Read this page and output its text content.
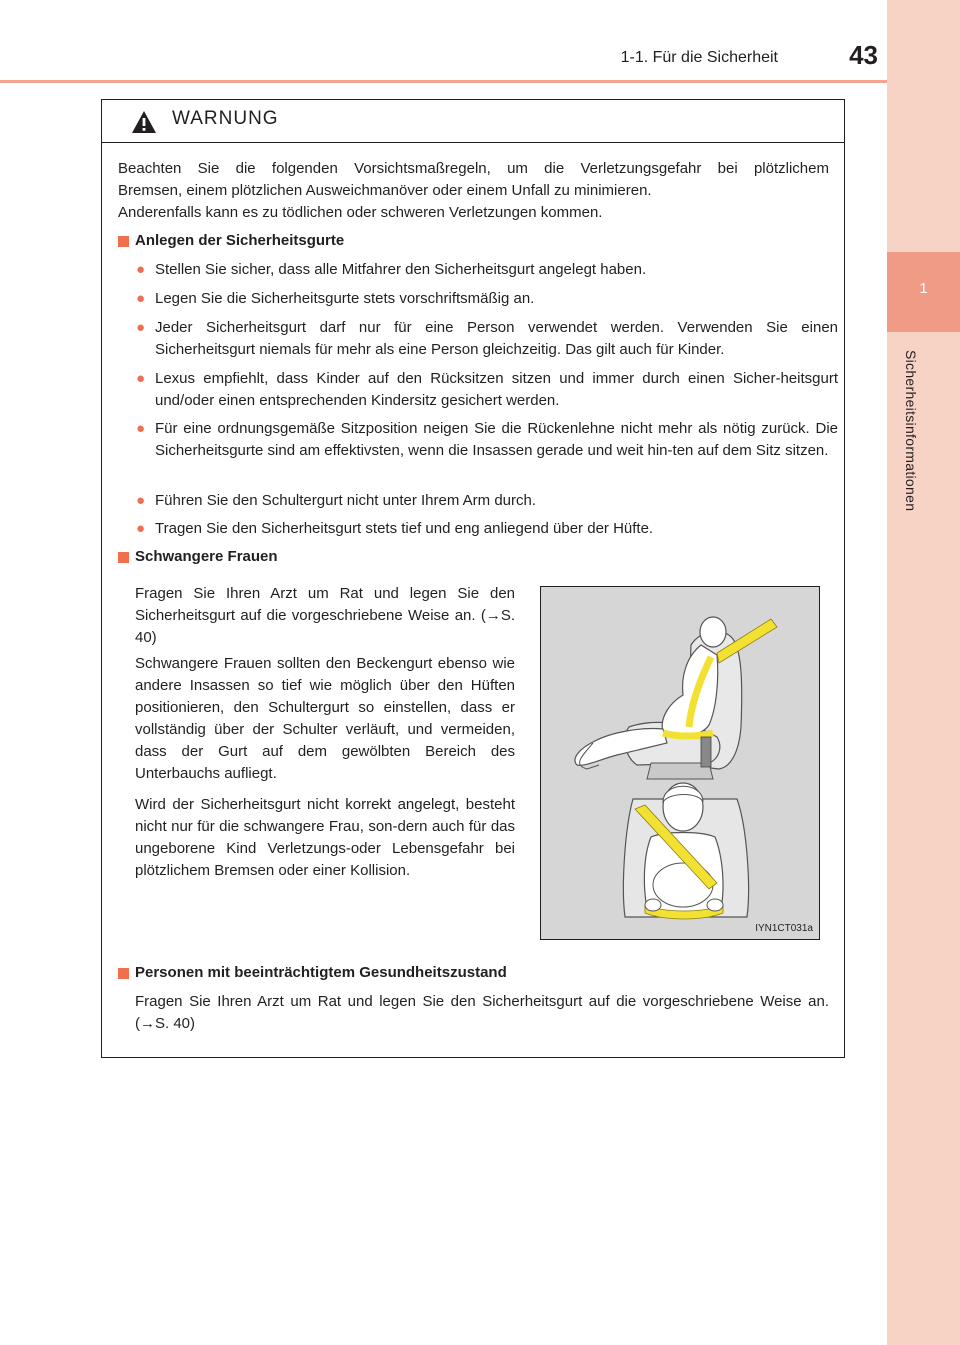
1
Sicherheitsinformationen
1-1. Für die Sicherheit	43
WARNUNG
Beachten Sie die folgenden Vorsichtsmaßregeln, um die Verletzungsgefahr bei plötzlichem
Bremsen, einem plötzlichen Ausweichmanöver oder einem Unfall zu minimieren.
Anderenfalls kann es zu tödlichen oder schweren Verletzungen kommen.
Anlegen der Sicherheitsgurte
● Stellen Sie sicher, dass alle Mitfahrer den Sicherheitsgurt angelegt haben.
● Legen Sie die Sicherheitsgurte stets vorschriftsmäßig an.
● Jeder Sicherheitsgurt darf nur für eine Person verwendet werden. Verwenden Sie einen Sicherheitsgurt niemals für mehr als eine Person gleichzeitig. Das gilt auch für Kinder.
● Lexus empfiehlt, dass Kinder auf den Rücksitzen sitzen und immer durch einen Sicher-heitsgurt und/oder einen entsprechenden Kindersitz gesichert werden.
● Für eine ordnungsgemäße Sitzposition neigen Sie die Rückenlehne nicht mehr als nötig zurück. Die Sicherheitsgurte sind am effektivsten, wenn die Insassen gerade und weit hin-ten auf dem Sitz sitzen.
● Führen Sie den Schultergurt nicht unter Ihrem Arm durch.
● Tragen Sie den Sicherheitsgurt stets tief und eng anliegend über der Hüfte.
Schwangere Frauen
Fragen Sie Ihren Arzt um Rat und legen Sie den Sicherheitsgurt auf die vorgeschriebene Weise an. (→S. 40)
Schwangere Frauen sollten den Beckengurt ebenso wie andere Insassen so tief wie möglich über den Hüften positionieren, den Schultergurt so einstellen, dass er vollständig über der Schulter verläuft, und vermeiden, dass der Gurt auf dem gewölbten Bereich des Unterbauchs aufliegt.
Wird der Sicherheitsgurt nicht korrekt angelegt, besteht nicht nur für die schwangere Frau, son-dern auch für das ungeborene Kind Verletzungs-oder Lebensgefahr bei plötzlichem Bremsen oder einer Kollision.
IYN1CT031a
Personen mit beeinträchtigtem Gesundheitszustand
Fragen Sie Ihren Arzt um Rat und legen Sie den Sicherheitsgurt auf die vorgeschriebene Weise an. (→S. 40)
